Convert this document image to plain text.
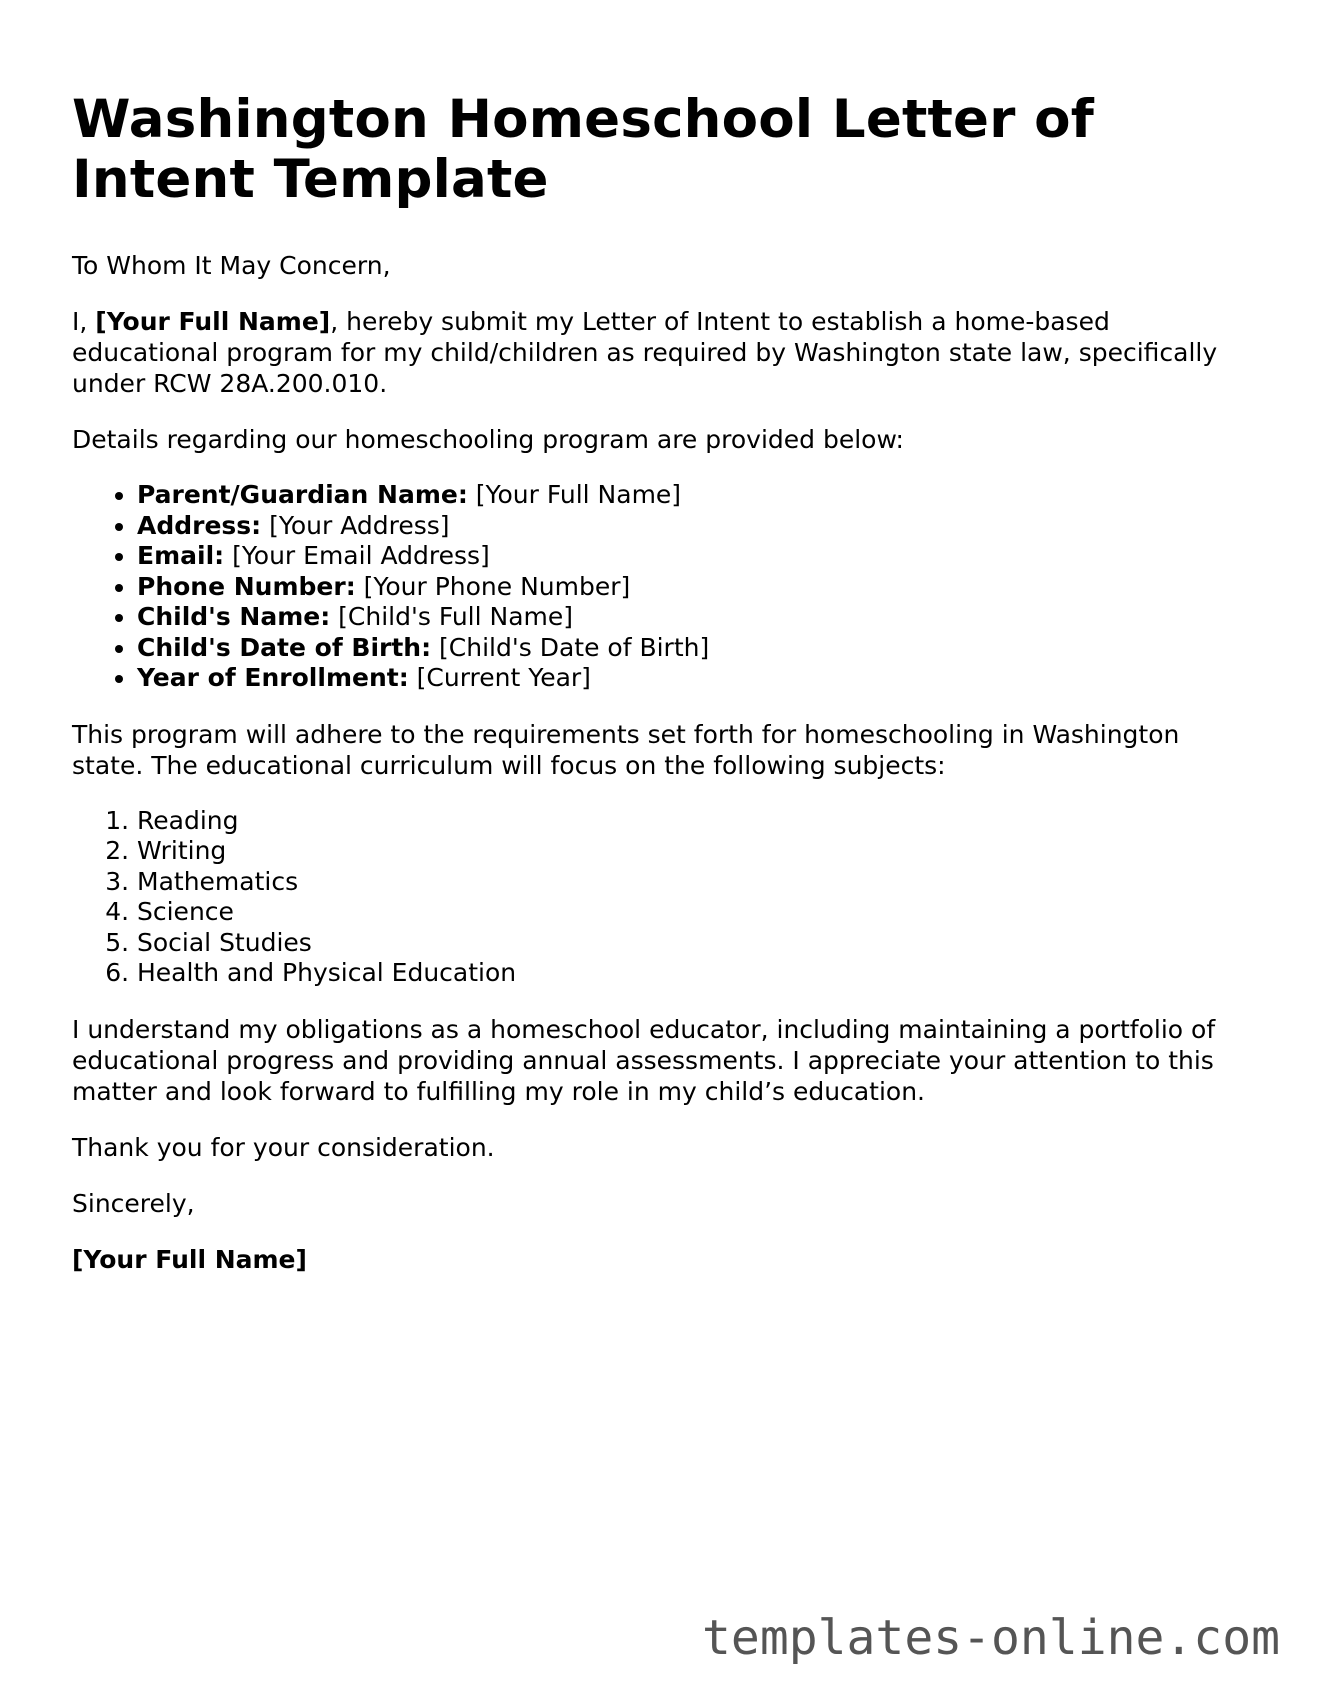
Washington Homeschool Letter of Intent Template

To Whom It May Concern,

I, [Your Full Name], hereby submit my Letter of Intent to establish a home-based educational program for my child/children as required by Washington state law, specifically under RCW 28A.200.010.

Details regarding our homeschooling program are provided below:

• Parent/Guardian Name: [Your Full Name]
• Address: [Your Address]
• Email: [Your Email Address]
• Phone Number: [Your Phone Number]
• Child's Name: [Child's Full Name]
• Child's Date of Birth: [Child's Date of Birth]
• Year of Enrollment: [Current Year]

This program will adhere to the requirements set forth for homeschooling in Washington state. The educational curriculum will focus on the following subjects:

1. Reading
2. Writing
3. Mathematics
4. Science
5. Social Studies
6. Health and Physical Education

I understand my obligations as a homeschool educator, including maintaining a portfolio of educational progress and providing annual assessments. I appreciate your attention to this matter and look forward to fulfilling my role in my child’s education.

Thank you for your consideration.

Sincerely,

[Your Full Name]

templates-online.com
